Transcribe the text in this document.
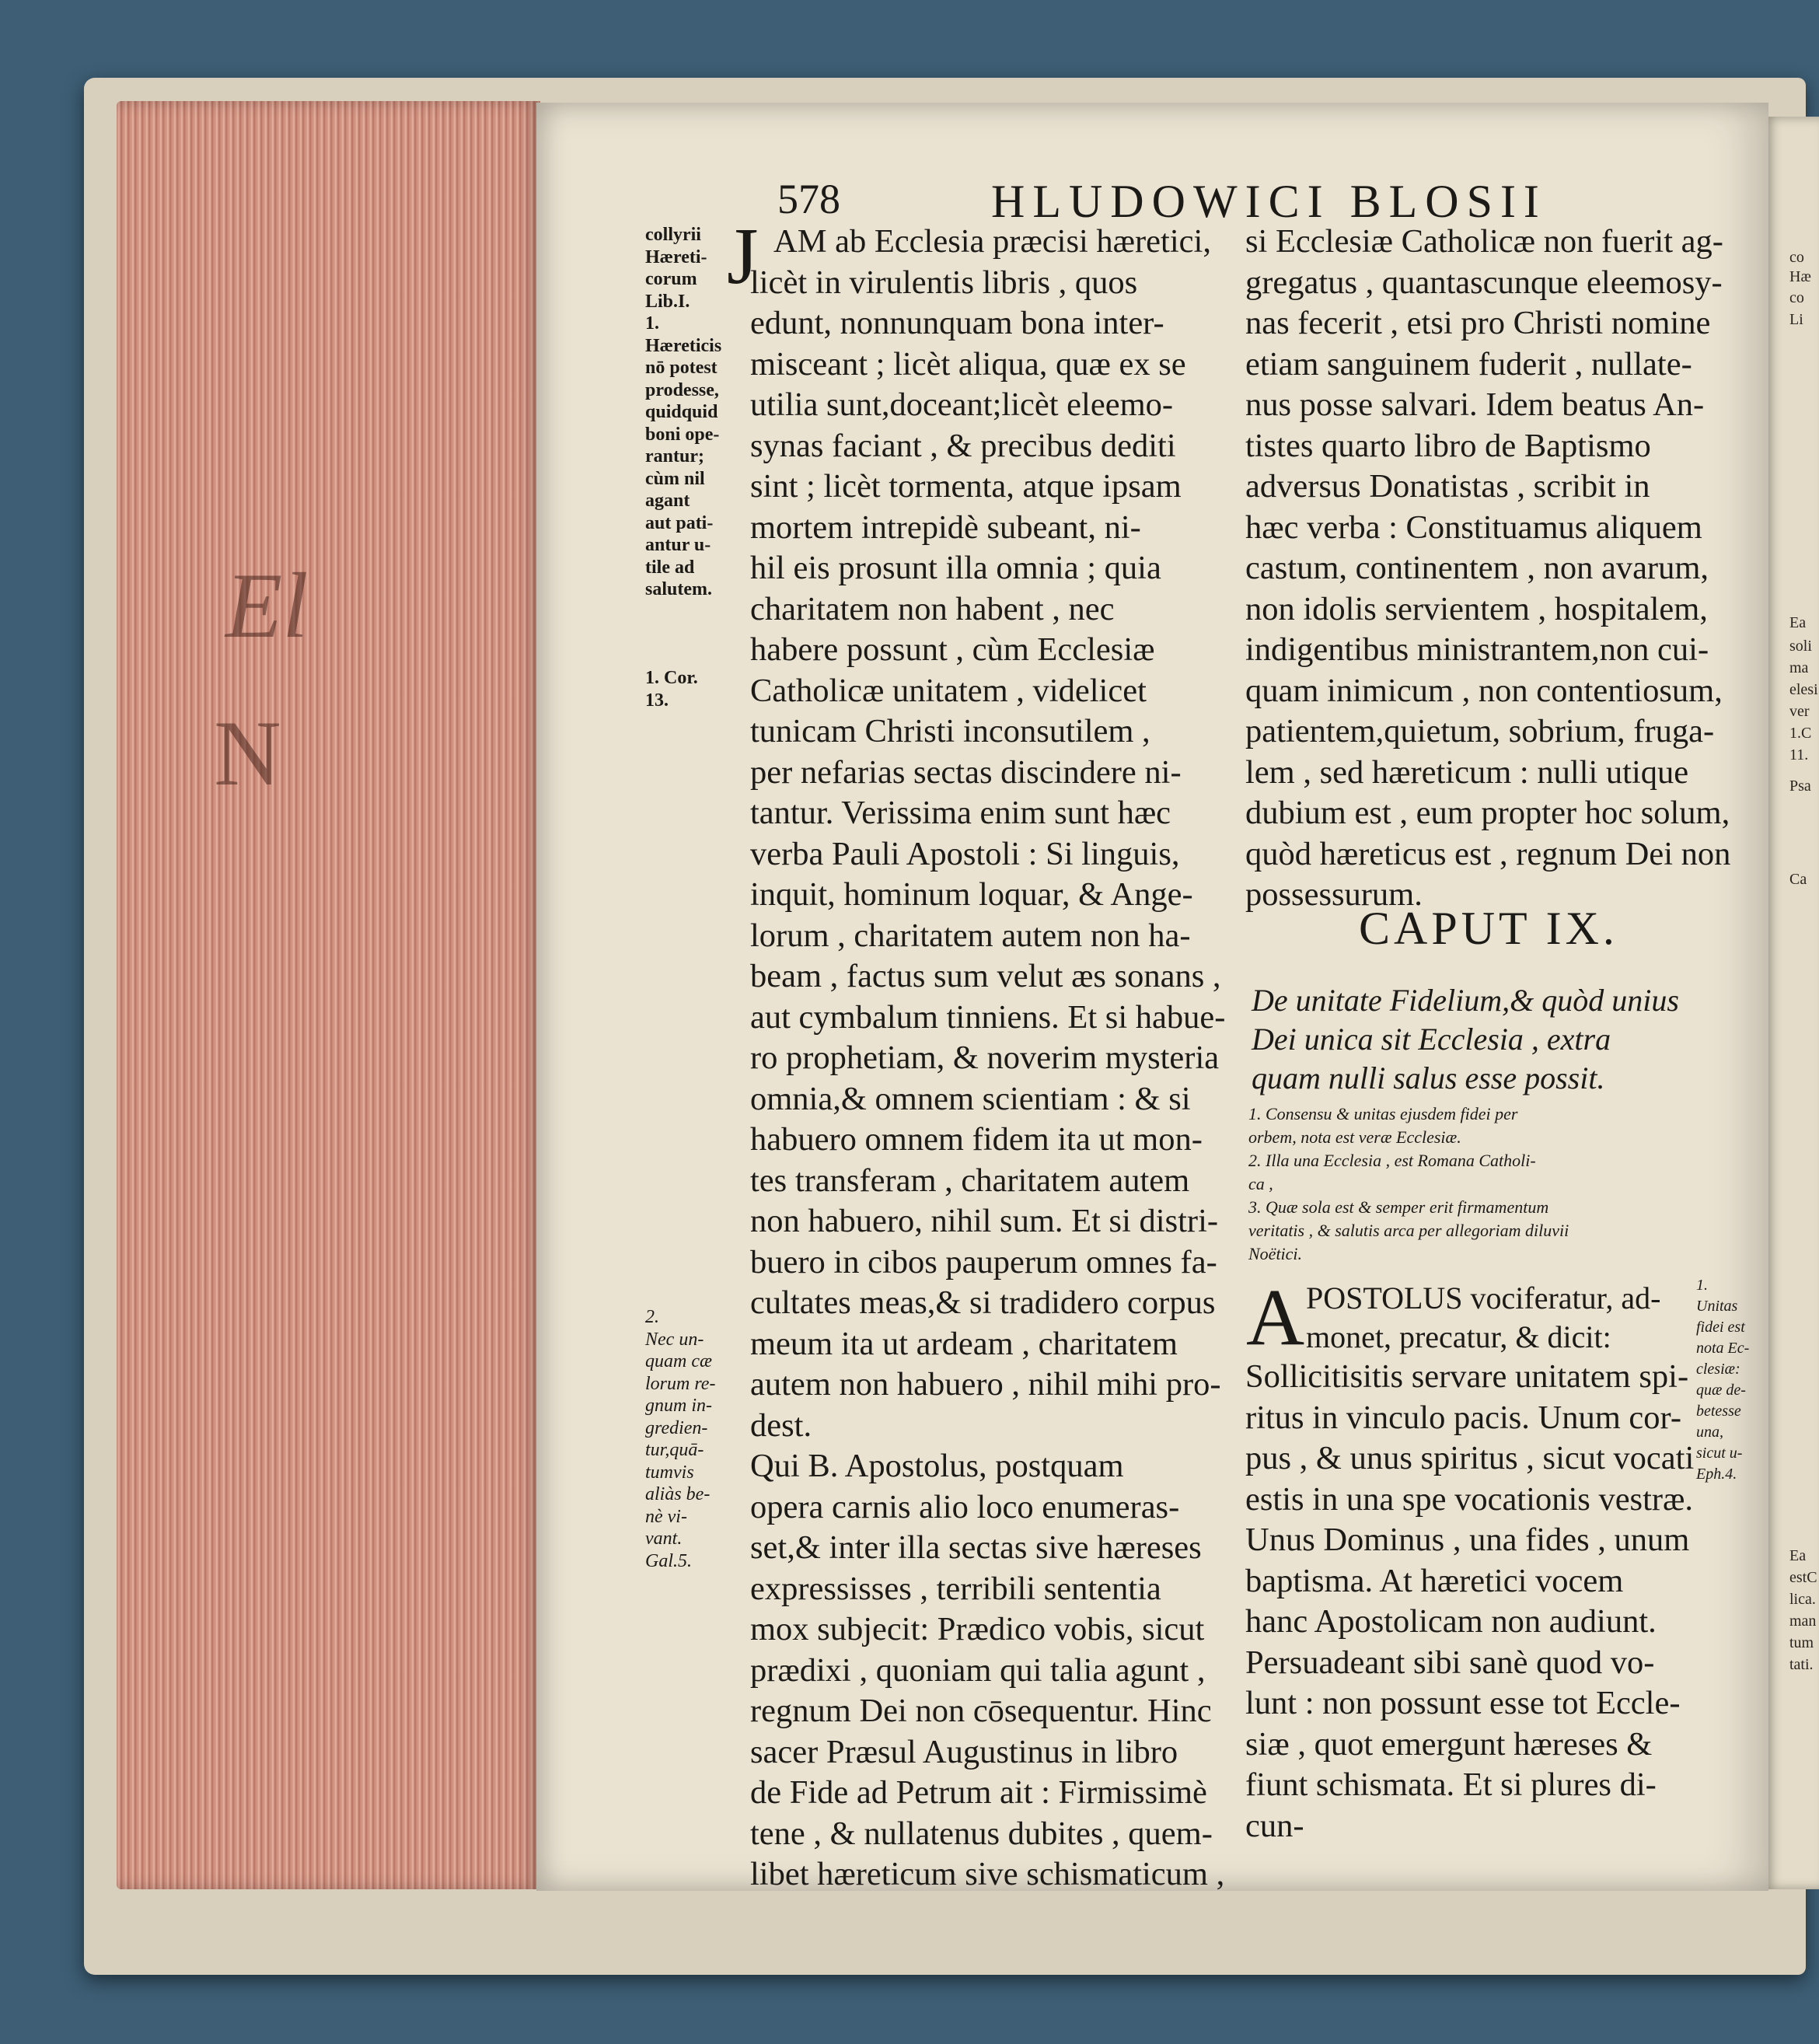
El
N
578	HLUDOWICI BLOSII
collyrii
Hæreti-
corum
Lib.I.
1.
Hæreticis
nō potest
prodesse,
quidquid
boni ope-
rantur;
cùm nil
agant
aut pati-
antur u-
tile ad
salutem.

1. Cor.
13.
2.
Nec un-
quam cæ
lorum re-
gnum in-
gredien-
tur,quā-
tumvis
aliàs be-
nè vi-
vant.
Gal.5.
J AM ab Ecclesia præcisi hæretici,
licèt in virulentis libris , quos
edunt, nonnunquam bona inter-
misceant ; licèt aliqua, quæ ex se
utilia sunt,doceant;licèt eleemo-
synas faciant , & precibus dediti
sint ; licèt tormenta, atque ipsam
mortem intrepidè subeant, ni-
hil eis prosunt illa omnia ; quia
charitatem non habent , nec
habere possunt , cùm Ecclesiæ
Catholicæ unitatem , videlicet
tunicam Christi inconsutilem ,
per nefarias sectas discindere ni-
tantur. Verissima enim sunt hæc
verba Pauli Apostoli : Si linguis,
inquit, hominum loquar, & Ange-
lorum , charitatem autem non ha-
beam , factus sum velut æs sonans ,
aut cymbalum tinniens. Et si habue-
ro prophetiam, & noverim mysteria
omnia,& omnem scientiam : & si
habuero omnem fidem ita ut mon-
tes transferam , charitatem autem
non habuero, nihil sum. Et si distri-
buero in cibos pauperum omnes fa-
cultates meas,& si tradidero corpus
meum ita ut ardeam , charitatem
autem non habuero , nihil mihi pro-
dest.
Qui B. Apostolus, postquam
opera carnis alio loco enumeras-
set,& inter illa sectas sive hæreses
expressisses , terribili sententia
mox subjecit: Prædico vobis, sicut
prædixi , quoniam qui talia agunt ,
regnum Dei non cōsequentur. Hinc
sacer Præsul Augustinus in libro
de Fide ad Petrum ait : Firmissimè
tene , & nullatenus dubites , quem-
libet hæreticum sive schismaticum ,
si Ecclesiæ Catholicæ non fuerit ag-
gregatus , quantascunque eleemosy-
nas fecerit , etsi pro Christi nomine
etiam sanguinem fuderit , nullate-
nus posse salvari. Idem beatus An-
tistes quarto libro de Baptismo
adversus Donatistas , scribit in
hæc verba : Constituamus aliquem
castum, continentem , non avarum,
non idolis servientem , hospitalem,
indigentibus ministrantem,non cui-
quam inimicum , non contentiosum,
patientem,quietum, sobrium, fruga-
lem , sed hæreticum : nulli utique
dubium est , eum propter hoc solum,
quòd hæreticus est , regnum Dei non
possessurum.
CAPUT IX.
De unitate Fidelium,& quòd unius
Dei unica sit Ecclesia , extra
quam nulli salus esse possit.
1. Consensu & unitas ejusdem fidei per
orbem, nota est veræ Ecclesiæ.
2. Illa una Ecclesia , est Romana Catholi-
ca ,
3. Quæ sola est & semper erit firmamentum
veritatis , & salutis arca per allegoriam diluvii
Noëtici.
A POSTOLUS vociferatur, ad-
monet, precatur, & dicit:
Sollicitisitis servare unitatem spi-
ritus in vinculo pacis. Unum cor-
pus , & unus spiritus , sicut vocati
estis in una spe vocationis vestræ.
Unus Dominus , una fides , unum
baptisma. At hæretici vocem
hanc Apostolicam non audiunt.
Persuadeant sibi sanè quod vo-
lunt : non possunt esse tot Eccle-
siæ , quot emergunt hæreses &
fiunt schismata. Et si plures di-
cun-
1.
Unitas
fidei est
nota Ec-
clesiæ:
quæ de-
betesse
una,
sicut u-
Eph.4.
co
Hæ
co
Li
Ea
soli
ma
elesi
ver
1.C
11.
Psa
Ca
Ea
estC
lica.
man
tum
tati.
